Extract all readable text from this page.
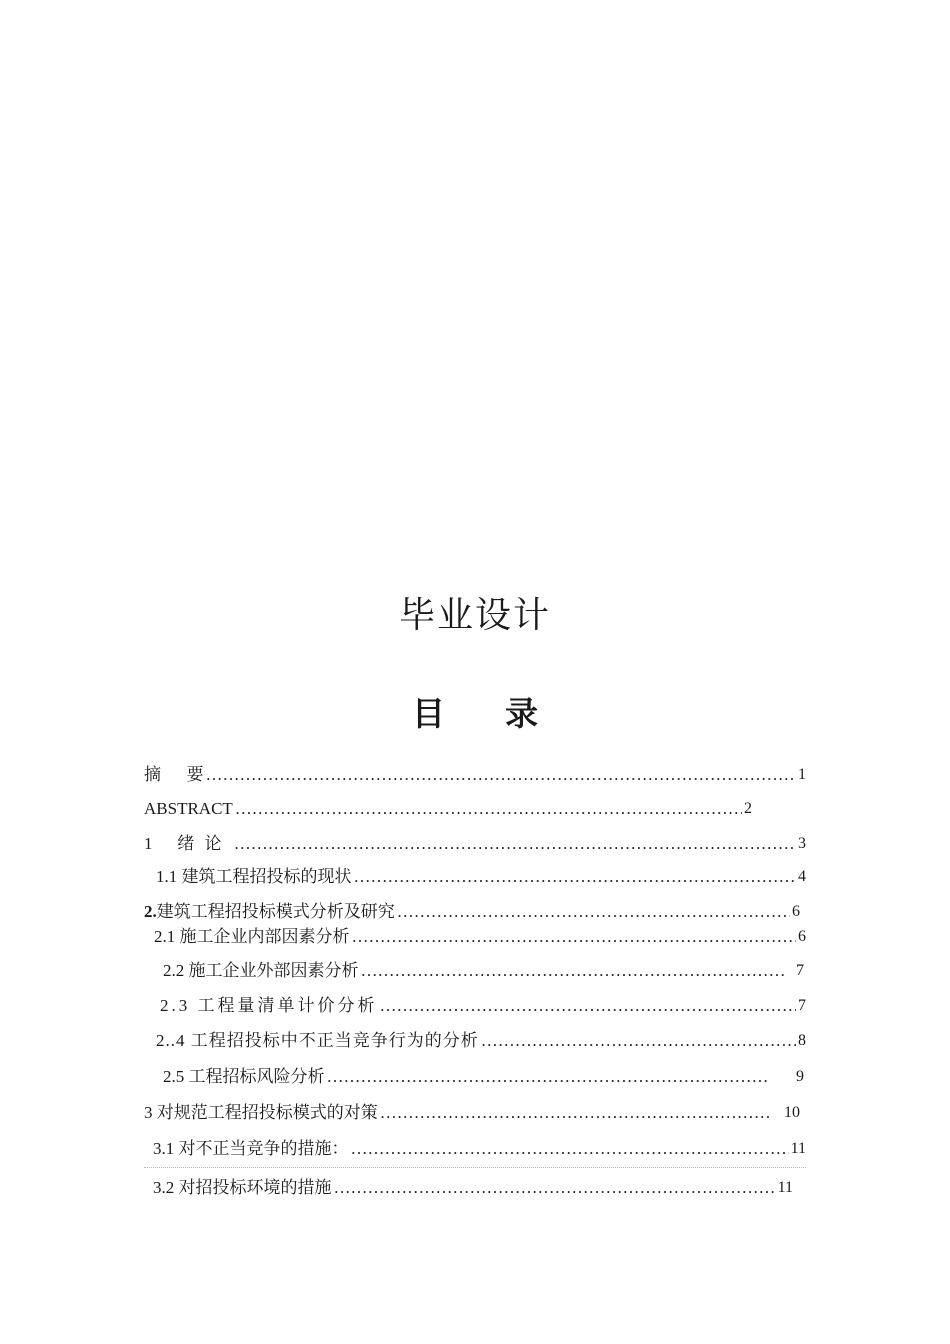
毕业设计
目 录
摘      要 …………………………………………………………………………………………………………………………………………………………………………………………………………………………	1
ABSTRACT …………………………………………………………………………………………………………………………………………………………………………………………………………………………	2
1   绪 论 …………………………………………………………………………………………………………………………………………………………………………………………………………………………	3
1.1 建筑工程招投标的现状 …………………………………………………………………………………………………………………………………………………………………………………………………………………………	4
2.建筑工程招投标模式分析及研究 …………………………………………………………………………………………………………………………………………………………………………………………………………………………	6
2.1 施工企业内部因素分析 …………………………………………………………………………………………………………………………………………………………………………………………………………………………	6
2.2 施工企业外部因素分析 …………………………………………………………………………………………………………………………………………………………………………………………………………………………	7
2.3 工程量清单计价分析 …………………………………………………………………………………………………………………………………………………………………………………………………………………………	7
2..4 工程招投标中不正当竞争行为的分析 …………………………………………………………………………………………………………………………………………………………………………………………………………………………	8
2.5 工程招标风险分析 …………………………………………………………………………………………………………………………………………………………………………………………………………………………	9
3 对规范工程招投标模式的对策 …………………………………………………………………………………………………………………………………………………………………………………………………………………………	10
3.1 对不正当竞争的措施： …………………………………………………………………………………………………………………………………………………………………………………………………………………………	11
3.2 对招投标环境的措施 …………………………………………………………………………………………………………………………………………………………………………………………………………………………	11
